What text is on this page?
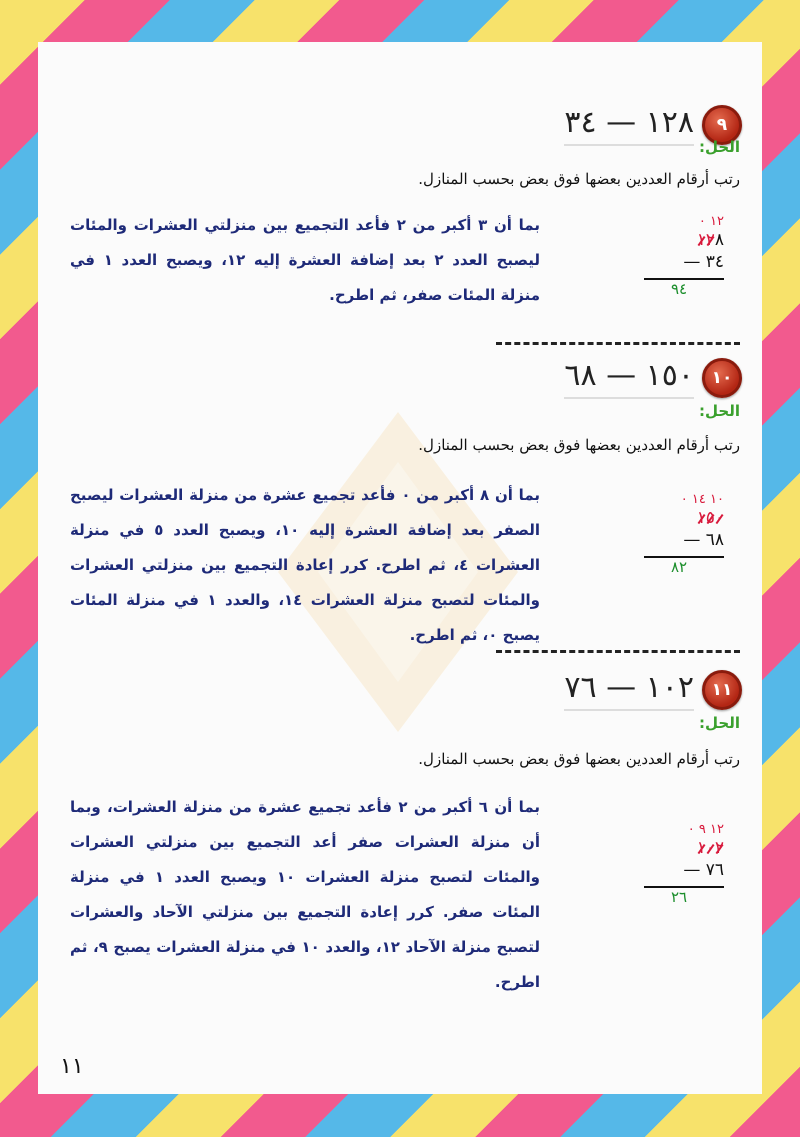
٩
١٢٨ — ٣٤
الحل:
رتب أرقام العددين بعضها فوق بعض بحسب المنازل.
١٢ ٠
١٢٨
— ٣٤
٩٤
بما أن ٣ أكبر من ٢ فأعد التجميع بين منزلتي العشرات والمئات ليصبح العدد ٢ بعد إضافة العشرة إليه ١٢، ويصبح العدد ١ في منزلة المئات صفر، ثم اطرح.
١٠
١٥٠ — ٦٨
الحل:
رتب أرقام العددين بعضها فوق بعض بحسب المنازل.
١٠ ١٤ ٠
١٥٠
— ٦٨
٨٢
بما أن ٨ أكبر من ٠ فأعد تجميع عشرة من منزلة العشرات ليصبح الصفر بعد إضافة العشرة إليه ١٠، ويصبح العدد ٥ في منزلة العشرات ٤، ثم اطرح. كرر إعادة التجميع بين منزلتي العشرات والمئات لتصبح منزلة العشرات ١٤، والعدد ١ في منزلة المئات يصبح ٠، ثم اطرح.
١١
١٠٢ — ٧٦
الحل:
رتب أرقام العددين بعضها فوق بعض بحسب المنازل.
١٢ ٩ ٠
١٠٢
— ٧٦
٢٦
بما أن ٦ أكبر من ٢ فأعد تجميع عشرة من منزلة العشرات، وبما أن منزلة العشرات صفر أعد التجميع بين منزلتي العشرات والمئات لتصبح منزلة العشرات ١٠ ويصبح العدد ١ في منزلة المئات صفر. كرر إعادة التجميع بين منزلتي الآحاد والعشرات لتصبح منزلة الآحاد ١٢، والعدد ١٠ في منزلة العشرات يصبح ٩، ثم اطرح.
١١
